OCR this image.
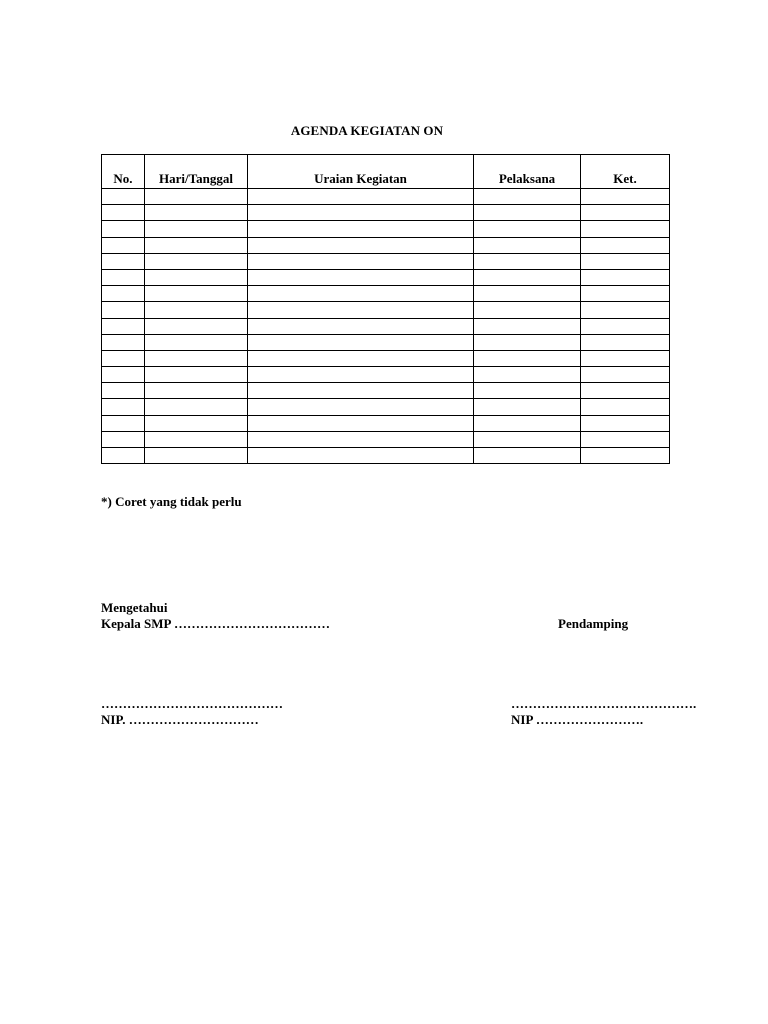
AGENDA KEGIATAN ON
No.	Hari/Tanggal	Uraian Kegiatan	Pelaksana	Ket.

*) Coret yang tidak perlu
Mengetahui
Kepala SMP ………………………………	Pendamping
……………………………………
NIP. …………………………
…………………………………….
NIP …………………….
